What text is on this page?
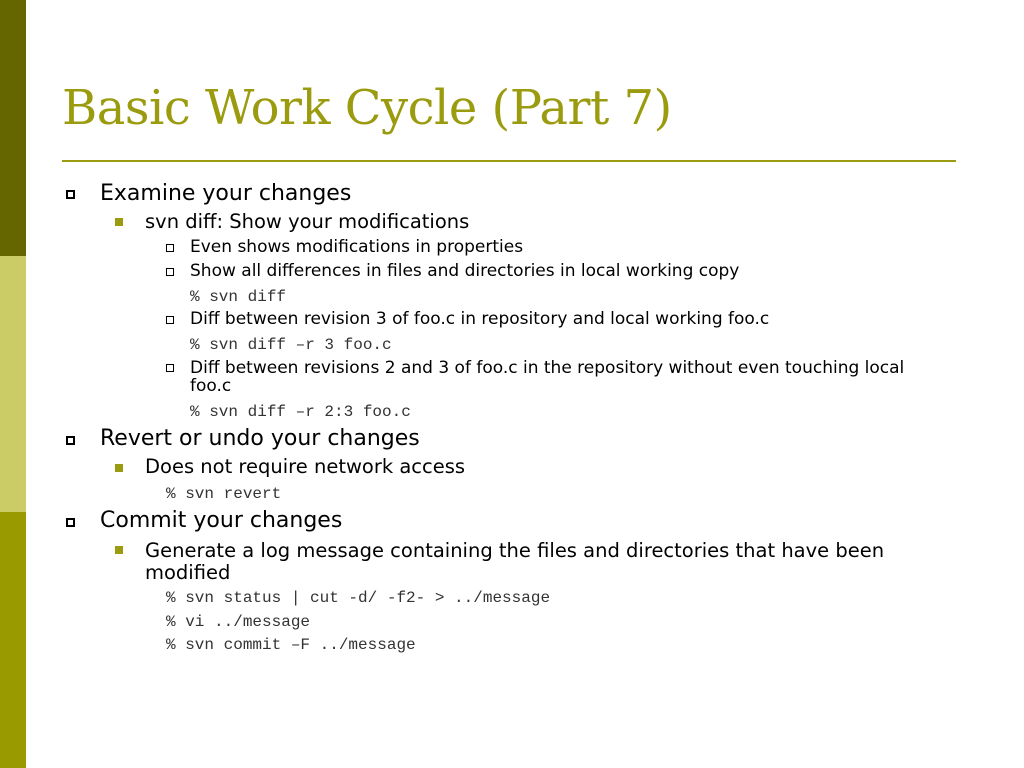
Basic Work Cycle (Part 7)

Examine your changes

svn diff: Show your modifications

Even shows modifications in properties

Show all differences in files and directories in local working copy

% svn diff

Diff between revision 3 of foo.c in repository and local working foo.c

% svn diff –r 3 foo.c

Diff between revisions 2 and 3 of foo.c in the repository without even touching local foo.c

% svn diff –r 2:3 foo.c

Revert or undo your changes

Does not require network access

% svn revert

Commit your changes

Generate a log message containing the files and directories that have been modified

% svn status | cut -d/ -f2- > ../message

% vi ../message

% svn commit –F ../message
